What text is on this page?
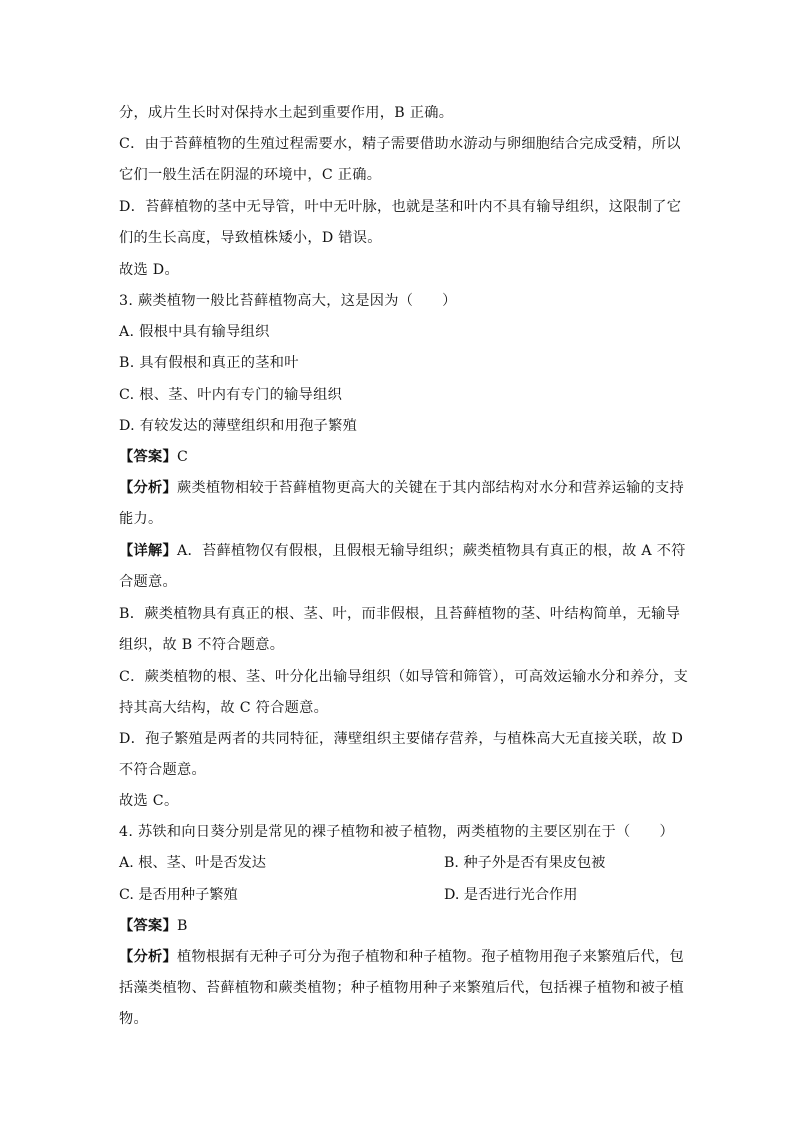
分，成片生长时对保持水土起到重要作用，B 正确。
C．由于苔藓植物的生殖过程需要水，精子需要借助水游动与卵细胞结合完成受精，所以
它们一般生活在阴湿的环境中，C 正确。
D．苔藓植物的茎中无导管，叶中无叶脉，也就是茎和叶内不具有输导组织，这限制了它
们的生长高度，导致植株矮小，D 错误。
故选 D。
3. 蕨类植物一般比苔藓植物高大，这是因为（　　）
A. 假根中具有输导组织
B. 具有假根和真正的茎和叶
C. 根、茎、叶内有专门的输导组织
D. 有较发达的薄壁组织和用孢子繁殖
【答案】C
【分析】蕨类植物相较于苔藓植物更高大的关键在于其内部结构对水分和营养运输的支持
能力。
【详解】A．苔藓植物仅有假根，且假根无输导组织；蕨类植物具有真正的根，故 A 不符
合题意。
B．蕨类植物具有真正的根、茎、叶，而非假根，且苔藓植物的茎、叶结构简单，无输导
组织，故 B 不符合题意。
C．蕨类植物的根、茎、叶分化出输导组织（如导管和筛管），可高效运输水分和养分，支
持其高大结构，故 C 符合题意。
D．孢子繁殖是两者的共同特征，薄壁组织主要储存营养，与植株高大无直接关联，故 D
不符合题意。
故选 C。
4. 苏铁和向日葵分别是常见的裸子植物和被子植物，两类植物的主要区别在于（　　）
A. 根、茎、叶是否发达	B. 种子外是否有果皮包被
C. 是否用种子繁殖	D. 是否进行光合作用
【答案】B
【分析】植物根据有无种子可分为孢子植物和种子植物。孢子植物用孢子来繁殖后代，包
括藻类植物、苔藓植物和蕨类植物；种子植物用种子来繁殖后代，包括裸子植物和被子植
物。
